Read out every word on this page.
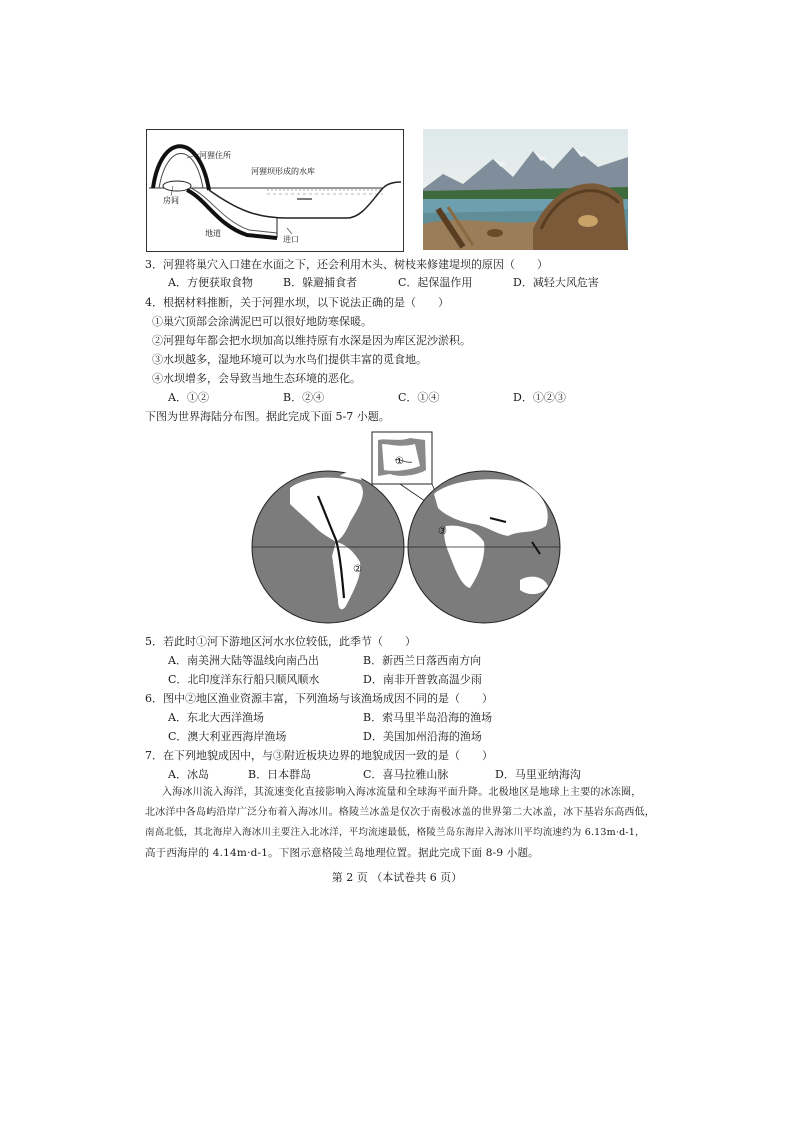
河狸住所
河狸坝形成的水库
房间
地道
进口
3．河狸将巢穴入口建在水面之下，还会利用木头、树枝来修建堤坝的原因（　　）
A．方便获取食物	B．躲避捕食者	C．起保温作用	D．减轻大风危害
4．根据材料推断，关于河狸水坝，以下说法正确的是（　　）
①巢穴顶部会涂满泥巴可以很好地防寒保暖。
②河狸每年都会把水坝加高以维持原有水深是因为库区泥沙淤积。
③水坝越多，湿地环境可以为水鸟们提供丰富的觅食地。
④水坝增多，会导致当地生态环境的恶化。
A．①②	B．②④	C．①④	D．①②③
下图为世界海陆分布图。据此完成下面 5-7 小题。
①
②
③
5．若此时①河下游地区河水水位较低，此季节（　　）
A．南美洲大陆等温线向南凸出	B．新西兰日落西南方向
C．北印度洋东行船只顺风顺水	D．南非开普敦高温少雨
6．图中②地区渔业资源丰富，下列渔场与该渔场成因不同的是（　　）
A．东北大西洋渔场	B．索马里半岛沿海的渔场
C．澳大利亚西海岸渔场	D．美国加州沿海的渔场
7．在下列地貌成因中，与③附近板块边界的地貌成因一致的是（　　）
A．冰岛	B．日本群岛	C．喜马拉雅山脉	D．马里亚纳海沟
入海冰川流入海洋，其流速变化直接影响入海冰流量和全球海平面升降。北极地区是地球上主要的冰冻圈，
北冰洋中各岛屿沿岸广泛分布着入海冰川。格陵兰冰盖是仅次于南极冰盖的世界第二大冰盖，冰下基岩东高西低，
南高北低，其北海岸入海冰川主要注入北冰洋，平均流速最低，格陵兰岛东海岸入海冰川平均流速约为 6.13m·d-1，
高于西海岸的 4.14m·d-1。下图示意格陵兰岛地理位置。据此完成下面 8-9 小题。
第 2 页 （本试卷共 6 页）
